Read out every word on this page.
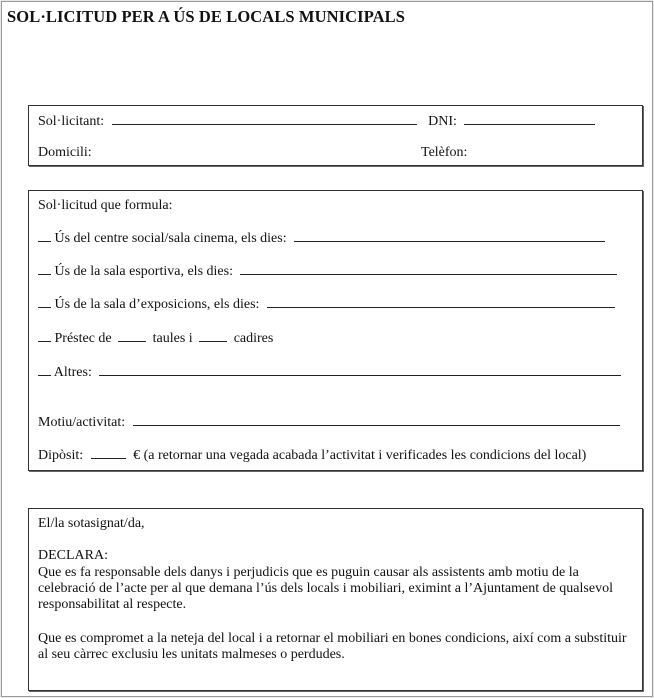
SOL·LICITUD PER A ÚS DE LOCALS MUNICIPALS
Sol·licitant:	DNI:
Domicili:	Telèfon:
Sol·licitud que formula:
Ús del centre social/sala cinema, els dies:
Ús de la sala esportiva, els dies:
Ús de la sala d’exposicions, els dies:
Préstec de	taules i	cadires
Altres:
Motiu/activitat:
Dipòsit:	€ (a retornar una vegada acabada l’activitat i verificades les condicions del local)
El/la sotasignat/da,
DECLARA:
Que es fa responsable dels danys i perjudicis que es puguin causar als assistents amb motiu de la celebració de l’acte per al que demana l’ús dels locals i mobiliari, eximint a l’Ajuntament de qualsevol responsabilitat al respecte.
Que es compromet a la neteja del local i a retornar el mobiliari en bones condicions, així com a substituir al seu càrrec exclusiu les unitats malmeses o perdudes.
